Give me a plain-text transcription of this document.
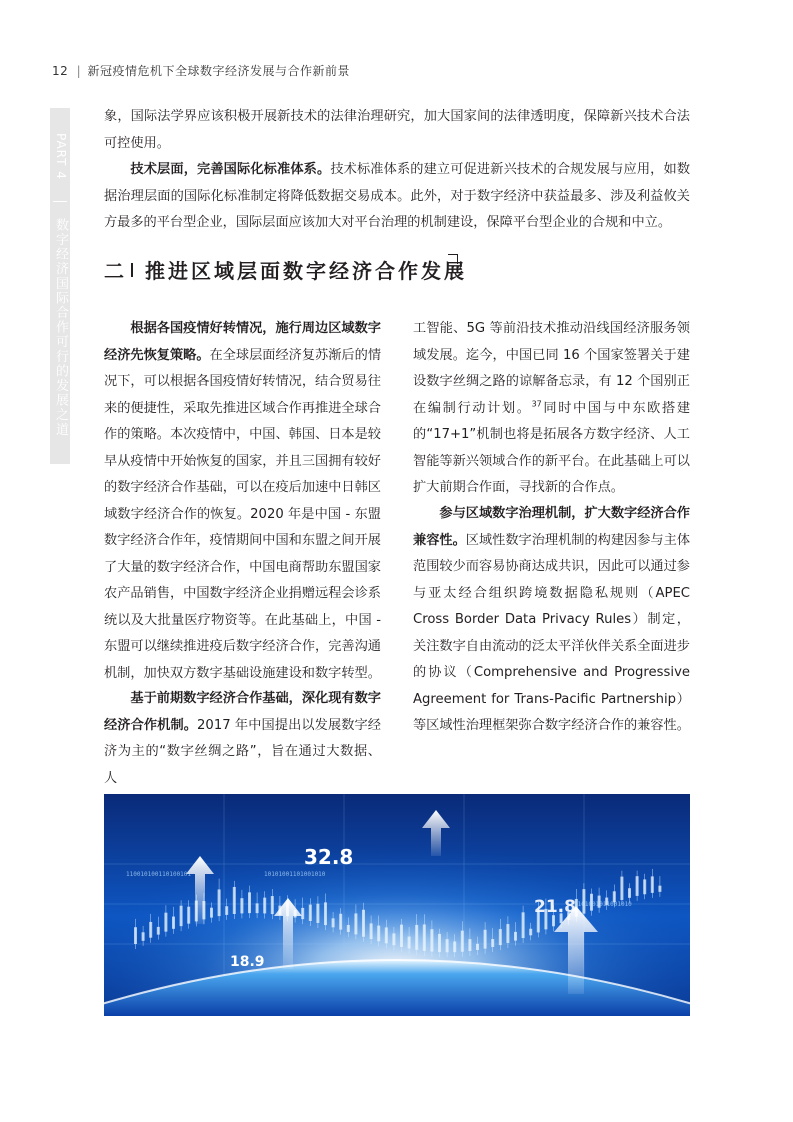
12 | 新冠疫情危机下全球数字经济发展与合作新前景
PART 4
数字经济国际合作可行的发展之道

象，国际法学界应该积极开展新技术的法律治理研究，加大国家间的法律透明度，保障新兴技术合法可控使用。

技术层面，完善国际化标准体系。技术标准体系的建立可促进新兴技术的合规发展与应用，如数据治理层面的国际化标准制定将降低数据交易成本。此外，对于数字经济中获益最多、涉及利益攸关方最多的平台型企业，国际层面应该加大对平台治理的机制建设，保障平台型企业的合规和中立。

二 推进区域层面数字经济合作发展

根据各国疫情好转情况，施行周边区域数字经济先恢复策略。在全球层面经济复苏渐后的情况下，可以根据各国疫情好转情况，结合贸易往来的便捷性，采取先推进区域合作再推进全球合作的策略。本次疫情中，中国、韩国、日本是较早从疫情中开始恢复的国家，并且三国拥有较好的数字经济合作基础，可以在疫后加速中日韩区域数字经济合作的恢复。2020 年是中国 - 东盟数字经济合作年，疫情期间中国和东盟之间开展了大量的数字经济合作，中国电商帮助东盟国家农产品销售，中国数字经济企业捐赠远程会诊系统以及大批量医疗物资等。在此基础上，中国 - 东盟可以继续推进疫后数字经济合作，完善沟通机制，加快双方数字基础设施建设和数字转型。

基于前期数字经济合作基础，深化现有数字经济合作机制。2017 年中国提出以发展数字经济为主的“数字丝绸之路”，旨在通过大数据、人

工智能、5G 等前沿技术推动沿线国经济服务领域发展。迄今，中国已同 16 个国家签署关于建设数字丝绸之路的谅解备忘录，有 12 个国别正在编制行动计划。$^{37}$同时中国与中东欧搭建的“17+1”机制也将是拓展各方数字经济、人工智能等新兴领域合作的新平台。在此基础上可以扩大前期合作面，寻找新的合作点。

参与区域数字治理机制，扩大数字经济合作兼容性。区域性数字治理机制的构建因参与主体范围较少而容易协商达成共识，因此可以通过参与亚太经合组织跨境数据隐私规则（APEC Cross Border Data Privacy Rules）制定，关注数字自由流动的泛太平洋伙伴关系全面进步的协议（Comprehensive and Progressive Agreement for Trans-Pacific Partnership）等区域性治理框架弥合数字经济合作的兼容性。

32.8
21.8
18.9
110010100110100101	10101001101001010
1101001011001010
